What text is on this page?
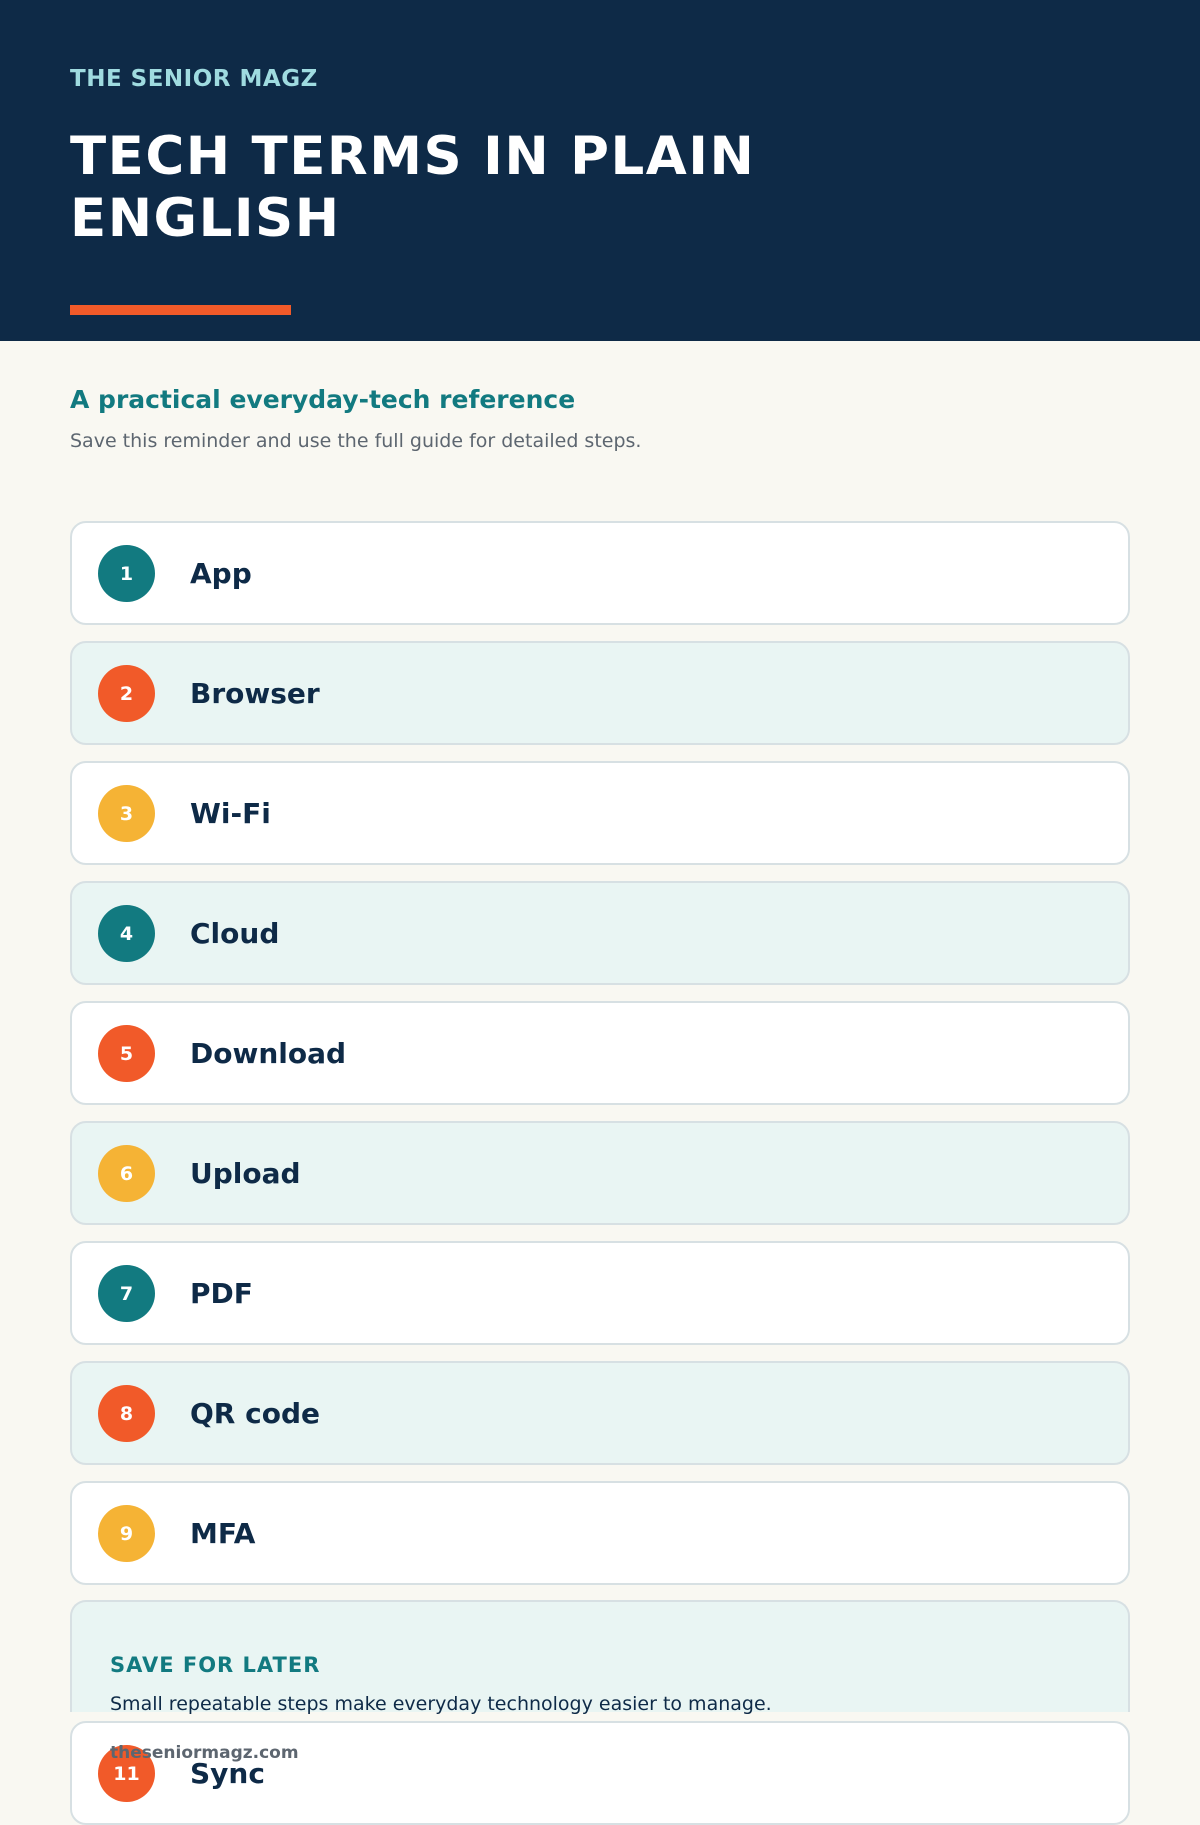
THE SENIOR MAGZ
TECH TERMS IN PLAIN ENGLISH
A practical everyday-tech reference
Save this reminder and use the full guide for detailed steps.
1	App
2	Browser
3	Wi-Fi
4	Cloud
5	Download
6	Upload
7	PDF
8	QR code
9	MFA
11	Sync
SAVE FOR LATER
Small repeatable steps make everyday technology easier to manage.
theseniormagz.com
